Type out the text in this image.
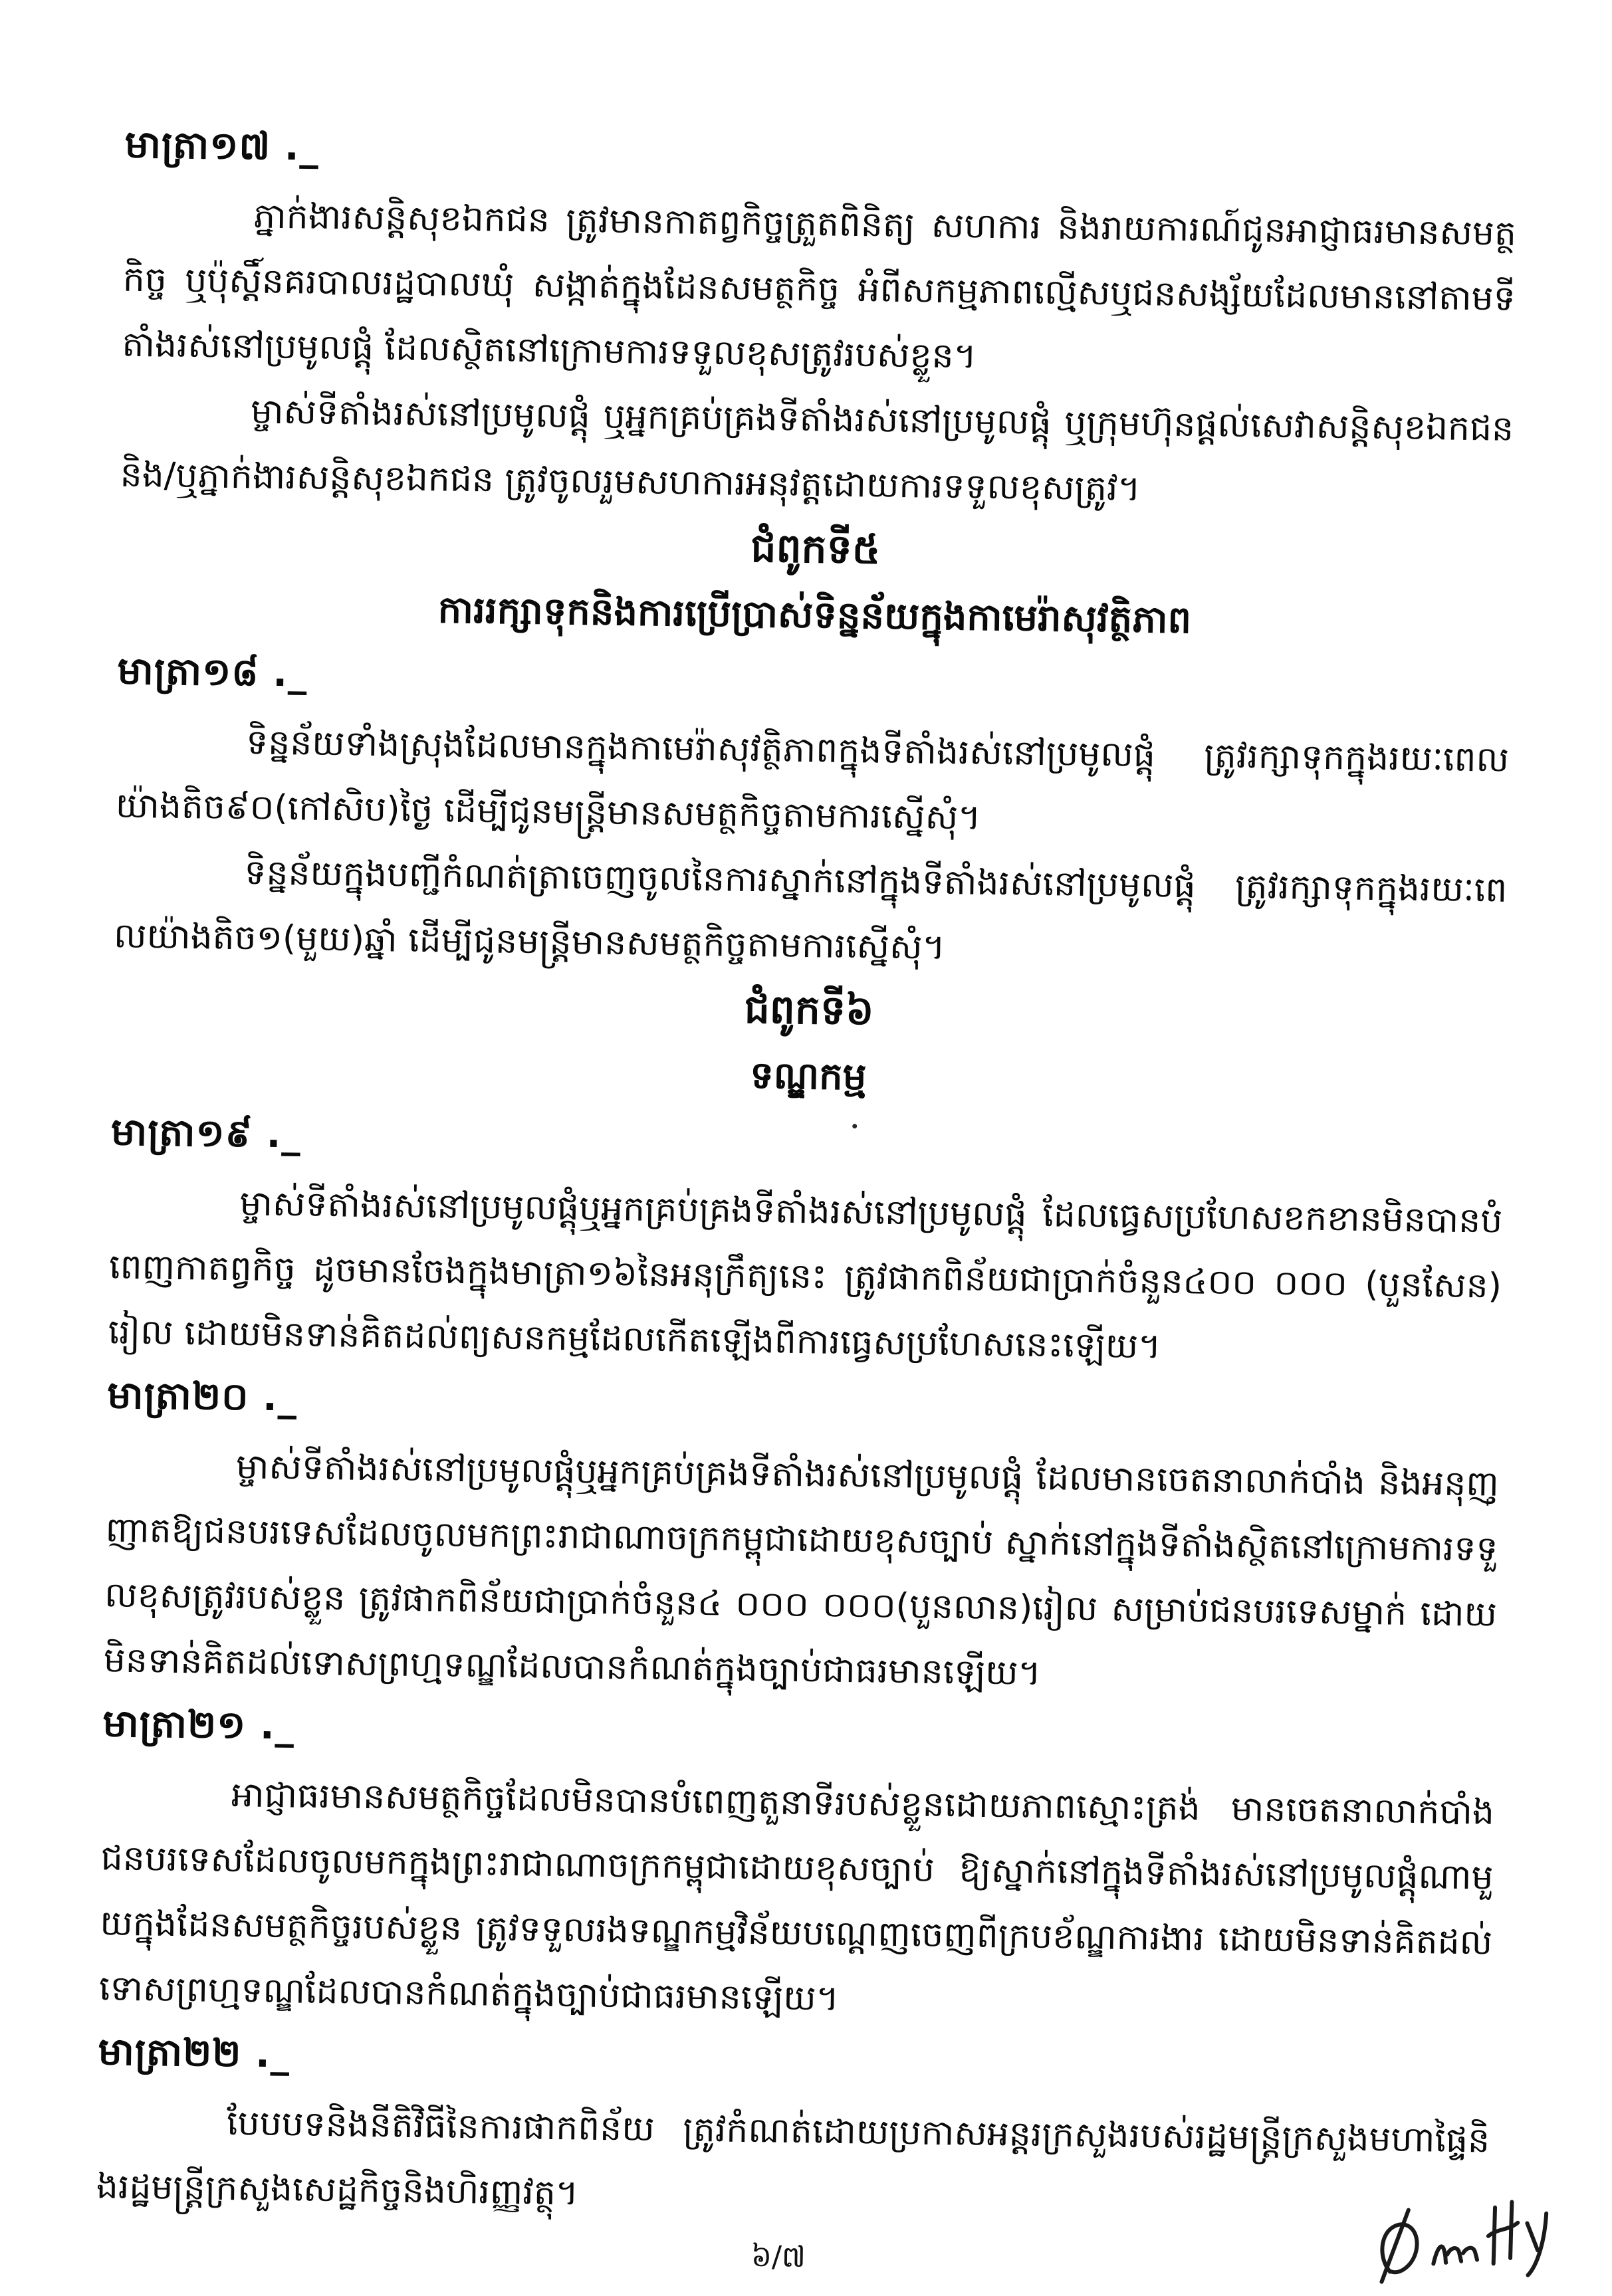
មាត្រា១៧ ._

ភ្នាក់ងារសន្តិសុខឯកជន ត្រូវមានកាតព្វកិច្ចត្រួតពិនិត្យ សហការ និងរាយការណ៍ជូនអាជ្ញាធរមានសមត្ថកិច្ច ឬប៉ុស្តិ៍នគរបាលរដ្ឋបាលឃុំ សង្កាត់ក្នុងដែនសមត្ថកិច្ច អំពីសកម្មភាពល្មើសឬជនសង្ស័យដែលមាននៅតាមទីតាំងរស់នៅប្រមូលផ្តុំ ដែលស្ថិតនៅក្រោមការទទួលខុសត្រូវរបស់ខ្លួន។

ម្ចាស់ទីតាំងរស់នៅប្រមូលផ្តុំ ឬអ្នកគ្រប់គ្រងទីតាំងរស់នៅប្រមូលផ្តុំ ឬក្រុមហ៊ុនផ្តល់សេវាសន្តិសុខឯកជន និង/ឬភ្នាក់ងារសន្តិសុខឯកជន ត្រូវចូលរួមសហការអនុវត្តដោយការទទួលខុសត្រូវ។

ជំពូកទី៥
ការរក្សាទុកនិងការប្រើប្រាស់ទិន្នន័យក្នុងកាមេរ៉ាសុវត្ថិភាព
មាត្រា១៨ ._

ទិន្នន័យទាំងស្រុងដែលមានក្នុងកាមេរ៉ាសុវត្ថិភាពក្នុងទីតាំងរស់នៅប្រមូលផ្តុំ ត្រូវរក្សាទុកក្នុងរយៈពេលយ៉ាងតិច៩០(កៅសិប)ថ្ងៃ ដើម្បីជូនមន្រ្តីមានសមត្ថកិច្ចតាមការស្នើសុំ។

ទិន្នន័យក្នុងបញ្ជីកំណត់ត្រាចេញចូលនៃការស្នាក់នៅក្នុងទីតាំងរស់នៅប្រមូលផ្តុំ ត្រូវរក្សាទុកក្នុងរយៈពេលយ៉ាងតិច១(មួយ)ឆ្នាំ ដើម្បីជូនមន្រ្តីមានសមត្ថកិច្ចតាមការស្នើសុំ។

ជំពូកទី៦
ទណ្ឌកម្ម
មាត្រា១៩ ._

ម្ចាស់ទីតាំងរស់នៅប្រមូលផ្តុំឬអ្នកគ្រប់គ្រងទីតាំងរស់នៅប្រមូលផ្តុំ ដែលធ្វេសប្រហែសខកខានមិនបានបំពេញកាតព្វកិច្ច ដូចមានចែងក្នុងមាត្រា១៦នៃអនុក្រឹត្យនេះ ត្រូវផាកពិន័យជាប្រាក់ចំនួន៤០០ ០០០ (បួនសែន)រៀល ដោយមិនទាន់គិតដល់ព្យសនកម្មដែលកើតឡើងពីការធ្វេសប្រហែសនេះឡើយ។

មាត្រា២០ ._

ម្ចាស់ទីតាំងរស់នៅប្រមូលផ្តុំឬអ្នកគ្រប់គ្រងទីតាំងរស់នៅប្រមូលផ្តុំ ដែលមានចេតនាលាក់បាំង និងអនុញ្ញាតឱ្យជនបរទេសដែលចូលមកព្រះរាជាណាចក្រកម្ពុជាដោយខុសច្បាប់ ស្នាក់នៅក្នុងទីតាំងស្ថិតនៅក្រោមការទទួលខុសត្រូវរបស់ខ្លួន ត្រូវផាកពិន័យជាប្រាក់ចំនួន៤ ០០០ ០០០(បួនលាន)រៀល សម្រាប់ជនបរទេសម្នាក់ ដោយមិនទាន់គិតដល់ទោសព្រហ្មទណ្ឌដែលបានកំណត់ក្នុងច្បាប់ជាធរមានឡើយ។

មាត្រា២១ ._

អាជ្ញាធរមានសមត្ថកិច្ចដែលមិនបានបំពេញតួនាទីរបស់ខ្លួនដោយភាពស្មោះត្រង់ មានចេតនាលាក់បាំងជនបរទេសដែលចូលមកក្នុងព្រះរាជាណាចក្រកម្ពុជាដោយខុសច្បាប់ ឱ្យស្នាក់នៅក្នុងទីតាំងរស់នៅប្រមូលផ្តុំណាមួយក្នុងដែនសមត្ថកិច្ចរបស់ខ្លួន ត្រូវទទួលរងទណ្ឌកម្មវិន័យបណ្តេញចេញពីក្របខ័ណ្ឌការងារ ដោយមិនទាន់គិតដល់ទោសព្រហ្មទណ្ឌដែលបានកំណត់ក្នុងច្បាប់ជាធរមានឡើយ។

មាត្រា២២ ._

បែបបទនិងនីតិវិធីនៃការផាកពិន័យ ត្រូវកំណត់ដោយប្រកាសអន្តរក្រសួងរបស់រដ្ឋមន្រ្តីក្រសួងមហាផ្ទៃនិងរដ្ឋមន្រ្តីក្រសួងសេដ្ឋកិច្ចនិងហិរញ្ញវត្ថុ។

៦/៧
